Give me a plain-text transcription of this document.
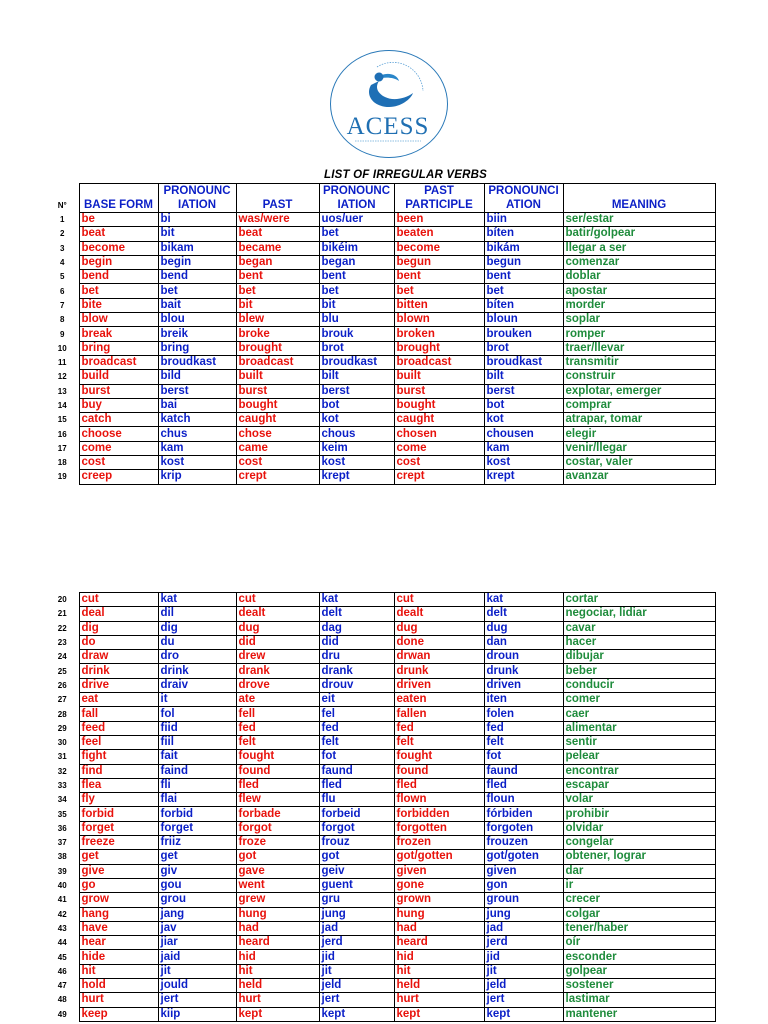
ACESS
LIST OF IRREGULAR VERBS
N°	BASE FORM	PRONOUNC IATION	PAST	PRONOUNC IATION	PAST PARTICIPLE	PRONOUNCI ATION	MEANING
1	be	bi	was/were	uos/uer	been	biin	ser/estar
2	beat	bit	beat	bet	beaten	bíten	batir/golpear
3	become	bikam	became	bikéim	become	bikám	llegar a ser
4	begin	begin	began	began	begun	begun	comenzar
5	bend	bend	bent	bent	bent	bent	doblar
6	bet	bet	bet	bet	bet	bet	apostar
7	bite	bait	bit	bit	bitten	bíten	morder
8	blow	blou	blew	blu	blown	bloun	soplar
9	break	breik	broke	brouk	broken	brouken	romper
10	bring	bring	brought	brot	brought	brot	traer/llevar
11	broadcast	broudkast	broadcast	broudkast	broadcast	broudkast	transmitir
12	build	bild	built	bilt	built	bilt	construir
13	burst	berst	burst	berst	burst	berst	explotar, emerger
14	buy	bai	bought	bot	bought	bot	comprar
15	catch	katch	caught	kot	caught	kot	atrapar, tomar
16	choose	chus	chose	chous	chosen	chousen	elegir
17	come	kam	came	keim	come	kam	venir/llegar
18	cost	kost	cost	kost	cost	kost	costar, valer
19	creep	krip	crept	krept	crept	krept	avanzar
20	cut	kat	cut	kat	cut	kat	cortar
21	deal	dil	dealt	delt	dealt	delt	negociar, lidiar
22	dig	dig	dug	dag	dug	dug	cavar
23	do	du	did	did	done	dan	hacer
24	draw	dro	drew	dru	drwan	droun	dibujar
25	drink	drink	drank	drank	drunk	drunk	beber
26	drive	draiv	drove	drouv	driven	driven	conducir
27	eat	it	ate	eit	eaten	iten	comer
28	fall	fol	fell	fel	fallen	folen	caer
29	feed	fiid	fed	fed	fed	fed	alimentar
30	feel	fiil	felt	felt	felt	felt	sentir
31	fight	fait	fought	fot	fought	fot	pelear
32	find	faind	found	faund	found	faund	encontrar
33	flea	fli	fled	fled	fled	fled	escapar
34	fly	flai	flew	flu	flown	floun	volar
35	forbid	forbid	forbade	forbeid	forbidden	fórbiden	prohibir
36	forget	forget	forgot	forgot	forgotten	forgoten	olvidar
37	freeze	friiz	froze	frouz	frozen	frouzen	congelar
38	get	get	got	got	got/gotten	got/goten	obtener, lograr
39	give	giv	gave	geiv	given	given	dar
40	go	gou	went	guent	gone	gon	ir
41	grow	grou	grew	gru	grown	groun	crecer
42	hang	jang	hung	jung	hung	jung	colgar
43	have	jav	had	jad	had	jad	tener/haber
44	hear	jiar	heard	jerd	heard	jerd	oír
45	hide	jaid	hid	jid	hid	jid	esconder
46	hit	jit	hit	jit	hit	jit	golpear
47	hold	jould	held	jeld	held	jeld	sostener
48	hurt	jert	hurt	jert	hurt	jert	lastimar
49	keep	kiip	kept	kept	kept	kept	mantener
